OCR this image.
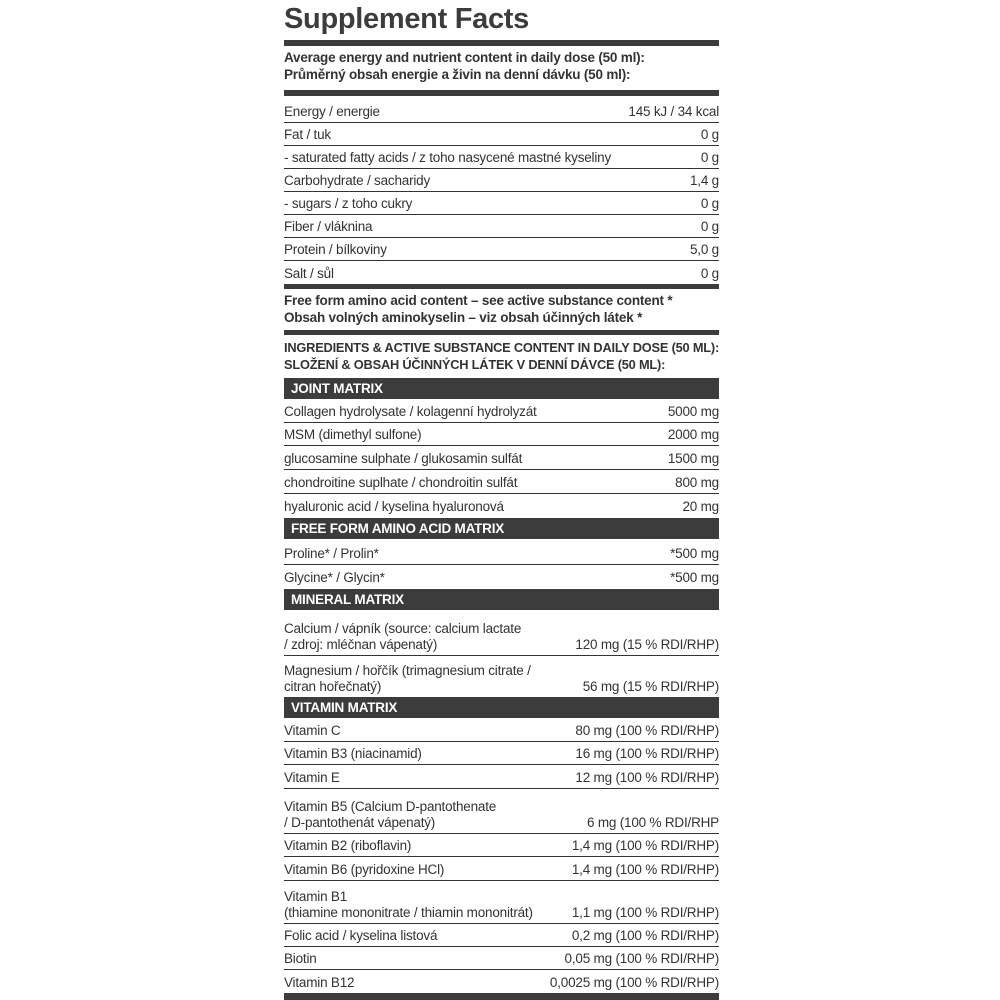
Supplement Facts
Average energy and nutrient content in daily dose (50 ml):
Průměrný obsah energie a živin na denní dávku (50 ml):
Energy / energie	145 kJ / 34 kcal
Fat / tuk	0 g
- saturated fatty acids / z toho nasycené mastné kyseliny	0 g
Carbohydrate / sacharidy	1,4 g
- sugars / z toho cukry	0 g
Fiber / vláknina	0 g
Protein / bílkoviny	5,0 g
Salt / sůl	0 g
Free form amino acid content – see active substance content *
Obsah volných aminokyselin – viz obsah účinných látek *
INGREDIENTS & ACTIVE SUBSTANCE CONTENT IN DAILY DOSE (50 ML):
SLOŽENÍ & OBSAH ÚČINNÝCH LÁTEK V DENNÍ DÁVCE (50 ML):
JOINT MATRIX
Collagen hydrolysate / kolagenní hydrolyzát	5000 mg
MSM (dimethyl sulfone)	2000 mg
glucosamine sulphate / glukosamin sulfát	1500 mg
chondroitine suplhate / chondroitin sulfát	800 mg
hyaluronic acid / kyselina hyaluronová	20 mg
FREE FORM AMINO ACID MATRIX
Proline* / Prolin*	*500 mg
Glycine* / Glycin*	*500 mg
MINERAL MATRIX
Calcium / vápník (source: calcium lactate
/ zdroj: mléčnan vápenatý)	120 mg (15 % RDI/RHP)
Magnesium / hořčík (trimagnesium citrate /
citran hořečnatý)	56 mg (15 % RDI/RHP)
VITAMIN MATRIX
Vitamin C	80 mg (100 % RDI/RHP)
Vitamin B3 (niacinamid)	16 mg (100 % RDI/RHP)
Vitamin E	12 mg (100 % RDI/RHP)
Vitamin B5 (Calcium D-pantothenate
/ D-pantothenát vápenatý)	6 mg (100 % RDI/RHP
Vitamin B2 (riboflavin)	1,4 mg (100 % RDI/RHP)
Vitamin B6 (pyridoxine HCl)	1,4 mg (100 % RDI/RHP)
Vitamin B1
(thiamine mononitrate / thiamin mononitrát)	1,1 mg (100 % RDI/RHP)
Folic acid / kyselina listová	0,2 mg (100 % RDI/RHP)
Biotin	0,05 mg (100 % RDI/RHP)
Vitamin B12	0,0025 mg (100 % RDI/RHP)
